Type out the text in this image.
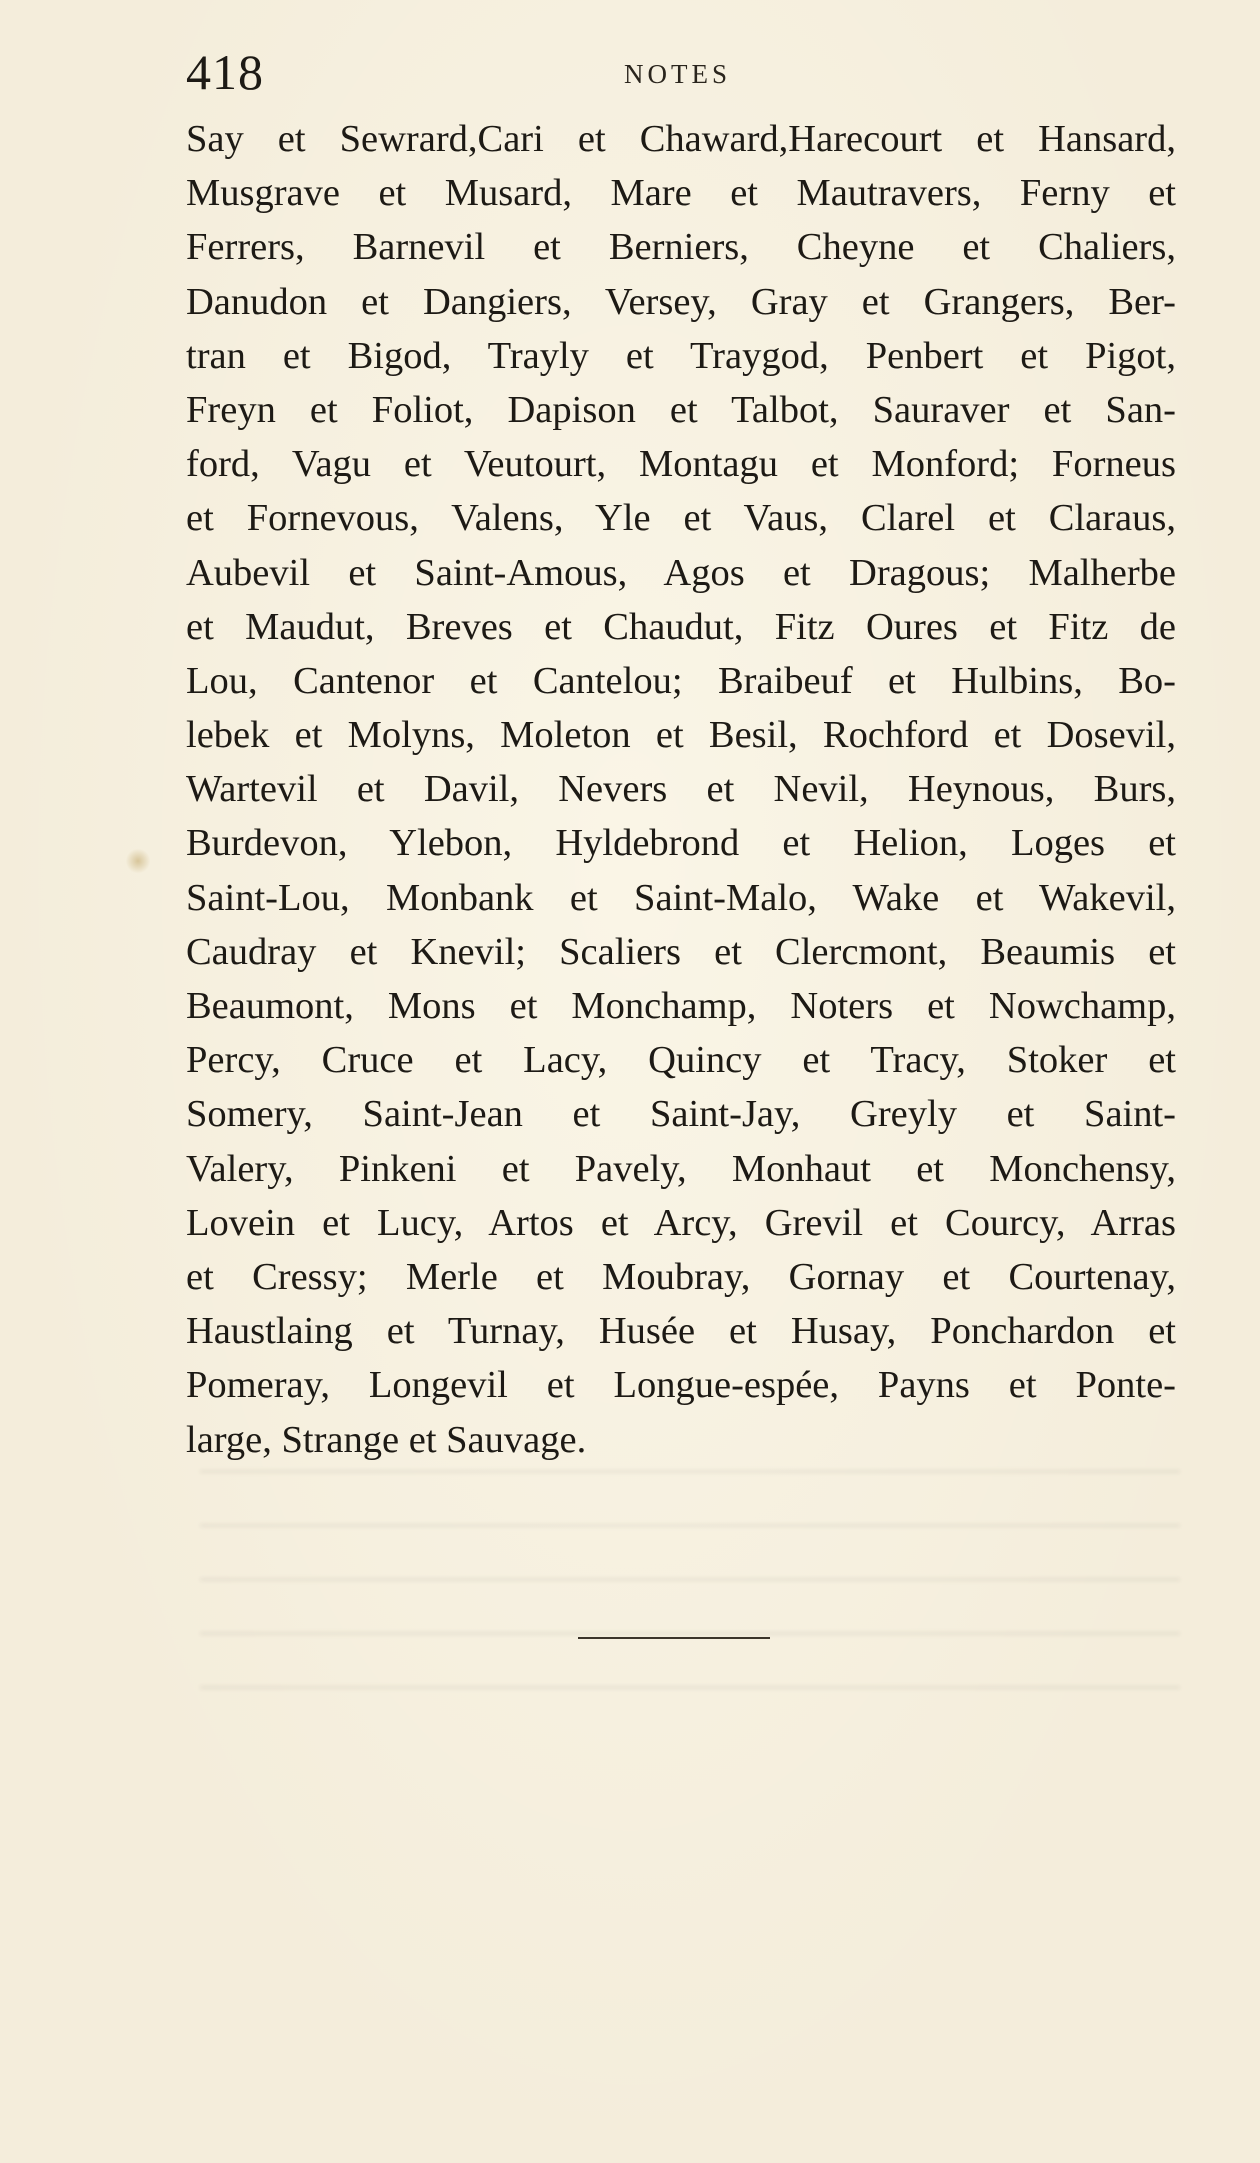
418	NOTES
Say et Sewrard,Cari et Chaward,Harecourt et Hansard,
Musgrave et Musard, Mare et Mautravers, Ferny et
Ferrers, Barnevil et Berniers, Cheyne et Chaliers,
Danudon et Dangiers, Versey, Gray et Grangers, Ber-
tran et Bigod, Trayly et Traygod, Penbert et Pigot,
Freyn et Foliot, Dapison et Talbot, Sauraver et San-
ford, Vagu et Veutourt, Montagu et Monford; Forneus
et Fornevous, Valens, Yle et Vaus, Clarel et Claraus,
Aubevil et Saint-Amous, Agos et Dragous; Malherbe
et Maudut, Breves et Chaudut, Fitz Oures et Fitz de
Lou, Cantenor et Cantelou; Braibeuf et Hulbins, Bo-
lebek et Molyns, Moleton et Besil, Rochford et Dosevil,
Wartevil et Davil, Nevers et Nevil, Heynous, Burs,
Burdevon, Ylebon, Hyldebrond et Helion, Loges et
Saint-Lou, Monbank et Saint-Malo, Wake et Wakevil,
Caudray et Knevil; Scaliers et Clercmont, Beaumis et
Beaumont, Mons et Monchamp, Noters et Nowchamp,
Percy, Cruce et Lacy, Quincy et Tracy, Stoker et
Somery, Saint-Jean et Saint-Jay, Greyly et Saint-
Valery, Pinkeni et Pavely, Monhaut et Monchensy,
Lovein et Lucy, Artos et Arcy, Grevil et Courcy, Arras
et Cressy; Merle et Moubray, Gornay et Courtenay,
Haustlaing et Turnay, Husée et Husay, Ponchardon et
Pomeray, Longevil et Longue-espée, Payns et Ponte-
large, Strange et Sauvage.
